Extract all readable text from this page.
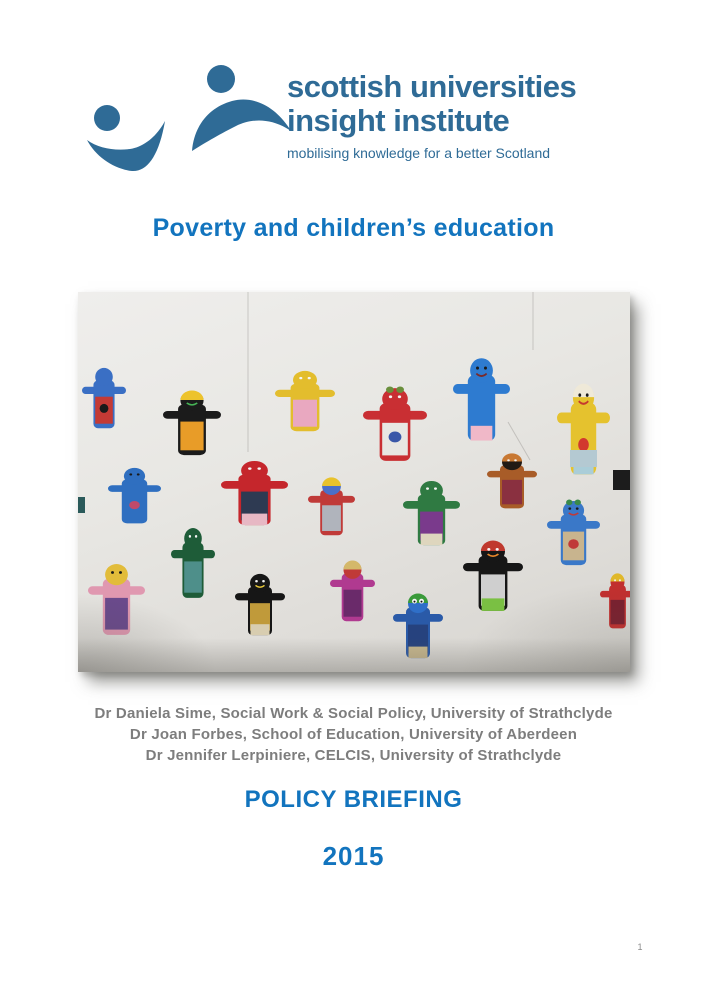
scottish universities
insight institute
mobilising knowledge for a better Scotland
Poverty and children’s education
Dr Daniela Sime, Social Work & Social Policy, University of Strathclyde
Dr Joan Forbes, School of Education, University of Aberdeen
Dr Jennifer Lerpiniere, CELCIS, University of Strathclyde
POLICY BRIEFING
2015
1
